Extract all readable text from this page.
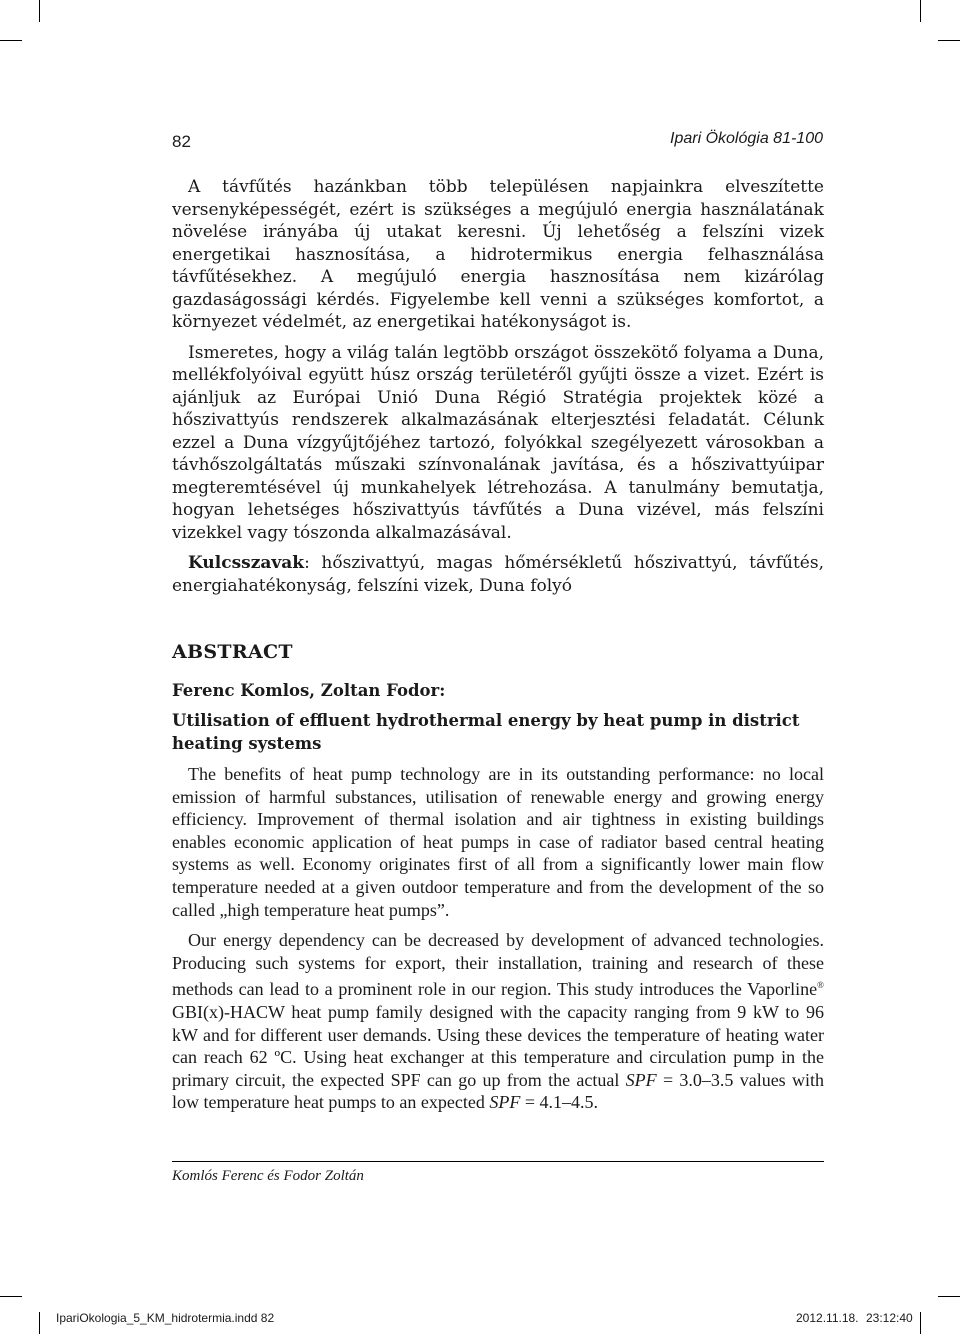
82	Ipari Ökológia 81-100

A távfűtés hazánkban több településen napjainkra elveszítette versenyképességét, ezért is szükséges a megújuló energia használatának növelése irányába új utakat keresni. Új lehetőség a felszíni vizek energetikai hasznosítása, a hidrotermikus energia felhasználása távfűtésekhez. A megújuló energia hasznosítása nem kizárólag gazdaságossági kérdés. Figyelembe kell venni a szükséges komfortot, a környezet védelmét, az energetikai hatékonyságot is.

Ismeretes, hogy a világ talán legtöbb országot összekötő folyama a Duna, mellékfolyóival együtt húsz ország területéről gyűjti össze a vizet. Ezért is ajánljuk az Európai Unió Duna Régió Stratégia projektek közé a hőszivattyús rendszerek alkalmazásának elterjesztési feladatát. Célunk ezzel a Duna vízgyűjtőjéhez tartozó, folyókkal szegélyezett városokban a távhőszolgáltatás műszaki színvonalának javítása, és a hőszivattyúipar megteremtésével új munkahelyek létrehozása. A tanulmány bemutatja, hogyan lehetséges hőszivattyús távfűtés a Duna vizével, más felszíni vizekkel vagy tószonda alkalmazásával.

Kulcsszavak: hőszivattyú, magas hőmérsékletű hőszivattyú, távfűtés, energiahatékonyság, felszíni vizek, Duna folyó

ABSTRACT
Ferenc Komlos, Zoltan Fodor:
Utilisation of effluent hydrothermal energy by heat pump in district heating systems

The benefits of heat pump technology are in its outstanding performance: no local emission of harmful substances, utilisation of renewable energy and growing energy efficiency. Improvement of thermal isolation and air tightness in existing buildings enables economic application of heat pumps in case of radiator based central heating systems as well. Economy originates first of all from a significantly lower main flow temperature needed at a given outdoor temperature and from the development of the so called „high temperature heat pumps”.

Our energy dependency can be decreased by development of advanced technologies. Producing such systems for export, their installation, training and research of these methods can lead to a prominent role in our region. This study introduces the Vaporline® GBI(x)-HACW heat pump family designed with the capacity ranging from 9 kW to 96 kW and for different user demands. Using these devices the temperature of heating water can reach 62 ºC. Using heat exchanger at this temperature and circulation pump in the primary circuit, the expected SPF can go up from the actual SPF = 3.0–3.5 values with low temperature heat pumps to an expected SPF = 4.1–4.5.

Komlós Ferenc és Fodor Zoltán
IpariOkologia_5_KM_hidrotermia.indd 82	2012.11.18. 23:12:40
